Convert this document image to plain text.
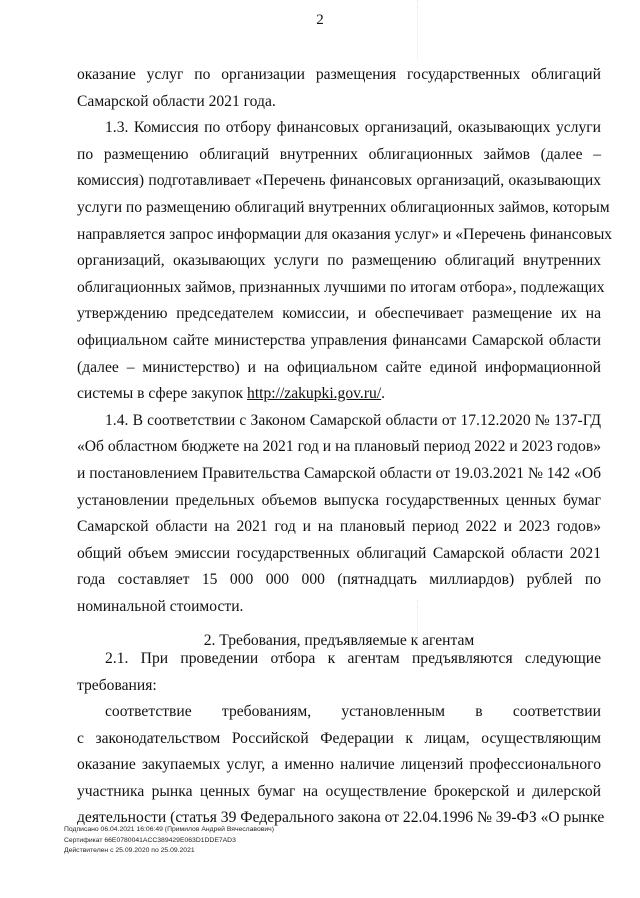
2
оказание услуг по организации размещения государственных облигаций
Самарской области 2021 года.
1.3. Комиссия по отбору финансовых организаций, оказывающих услуги
по размещению облигаций внутренних облигационных займов (далее –
комиссия) подготавливает «Перечень финансовых организаций, оказывающих
услуги по размещению облигаций внутренних облигационных займов, которым
направляется запрос информации для оказания услуг» и «Перечень финансовых
организаций, оказывающих услуги по размещению облигаций внутренних
облигационных займов, признанных лучшими по итогам отбора», подлежащих
утверждению председателем комиссии, и обеспечивает размещение их на
официальном сайте министерства управления финансами Самарской области
(далее – министерство) и на официальном сайте единой информационной
системы в сфере закупок http://zakupki.gov.ru/.
1.4. В соответствии с Законом Самарской области от 17.12.2020 № 137-ГД
«Об областном бюджете на 2021 год и на плановый период 2022 и 2023 годов»
и постановлением Правительства Самарской области от 19.03.2021 № 142 «Об
установлении предельных объемов выпуска государственных ценных бумаг
Самарской области на 2021 год и на плановый период 2022 и 2023 годов»
общий объем эмиссии государственных облигаций Самарской области 2021
года составляет 15 000 000 000 (пятнадцать миллиардов) рублей по
номинальной стоимости.
2. Требования, предъявляемые к агентам
2.1. При проведении отбора к агентам предъявляются следующие
требования:
соответствие требованиям, установленным в соответствии
с законодательством Российской Федерации к лицам, осуществляющим
оказание закупаемых услуг, а именно наличие лицензий профессионального
участника рынка ценных бумаг на осуществление брокерской и дилерской
деятельности (статья 39 Федерального закона от 22.04.1996 № 39-ФЗ «О рынке
Подписано 06.04.2021 16:06:49 (Примилов Андрей Вячеславович)
Сертификат 66E0780041ACC389429E063D1DDE7AD3
Действителен с 25.09.2020 по 25.09.2021
